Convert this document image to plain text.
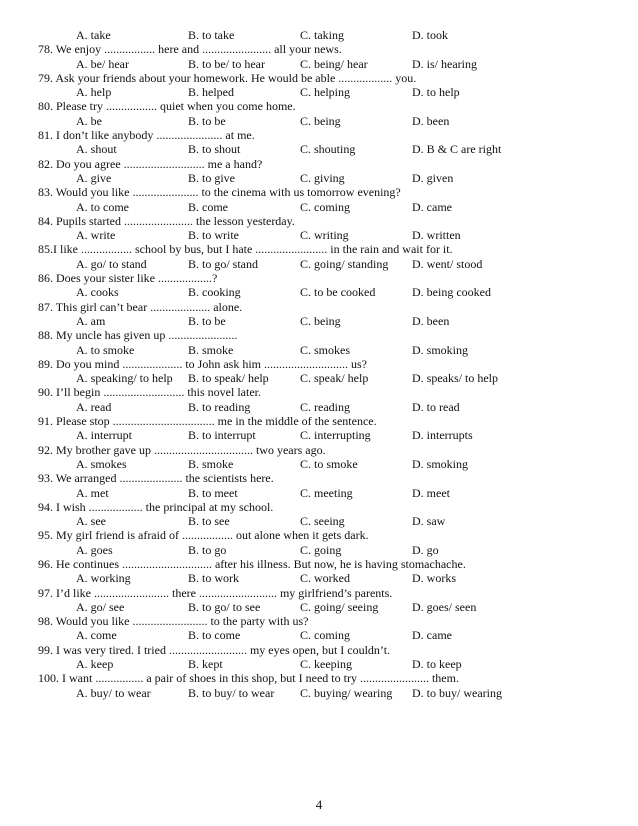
A. take	B. to take	C. taking	D. took
78. We enjoy ................. here and ....................... all your news.
A. be/ hear	B. to be/ to hear	C. being/ hear	D. is/ hearing
79. Ask your friends about your homework. He would be able .................. you.
A. help	B. helped	C. helping	D. to help
80. Please try ................. quiet when you come home.
A. be	B. to be	C. being	D. been
81. I don’t like anybody ...................... at me.
A. shout	B. to shout	C. shouting	D. B & C are right
82. Do you agree ........................... me a hand?
A. give	B. to give	C. giving	D. given
83. Would you like ...................... to the cinema with us tomorrow evening?
A. to come	B. come	C. coming	D. came
84. Pupils started ....................... the lesson yesterday.
A. write	B. to write	C. writing	D. written
85.I like ................. school by bus, but I hate ........................ in the rain and wait for it.
A. go/ to stand	B. to go/ stand	C. going/ standing D. went/ stood
86. Does your sister like ..................?
A. cooks	B. cooking	C. to be cooked	D. being cooked
87. This girl can’t bear .................... alone.
A. am	B. to be	C. being	D. been
88. My uncle has given up .......................
A. to smoke	B. smoke	C. smokes	D. smoking
89. Do you mind .................... to John ask him ............................ us?
A. speaking/ to help B. to speak/ help	C. speak/ help	D. speaks/ to help
90. I’ll begin ........................... this novel later.
A. read	B. to reading	C. reading	D. to read
91. Please stop .................................. me in the middle of the sentence.
A. interrupt	B. to interrupt	C. interrupting	D. interrupts
92. My brother gave up ................................. two years ago.
A. smokes	B. smoke	C. to smoke	D. smoking
93. We arranged ..................... the scientists here.
A. met	B. to meet	C. meeting	D. meet
94. I wish .................. the principal at my school.
A. see	B. to see	C. seeing	D. saw
95. My girl friend is afraid of ................. out alone when it gets dark.
A. goes	B. to go	C. going	D. go
96. He continues .............................. after his illness. But now, he is having stomachache.
A. working	B. to work	C. worked	D. works
97. I’d like ......................... there .......................... my girlfriend’s parents.
A. go/ see	B. to go/ to see	C. going/ seeing	D. goes/ seen
98. Would you like ......................... to the party with us?
A. come	B. to come	C. coming	D. came
99. I was very tired. I tried .......................... my eyes open, but I couldn’t.
A. keep	B. kept	C. keeping	D. to keep
100. I want ................ a pair of shoes in this shop, but I need to try ....................... them.
A. buy/ to wear	B. to buy/ to wear C. buying/ wearing D. to buy/ wearing
4
